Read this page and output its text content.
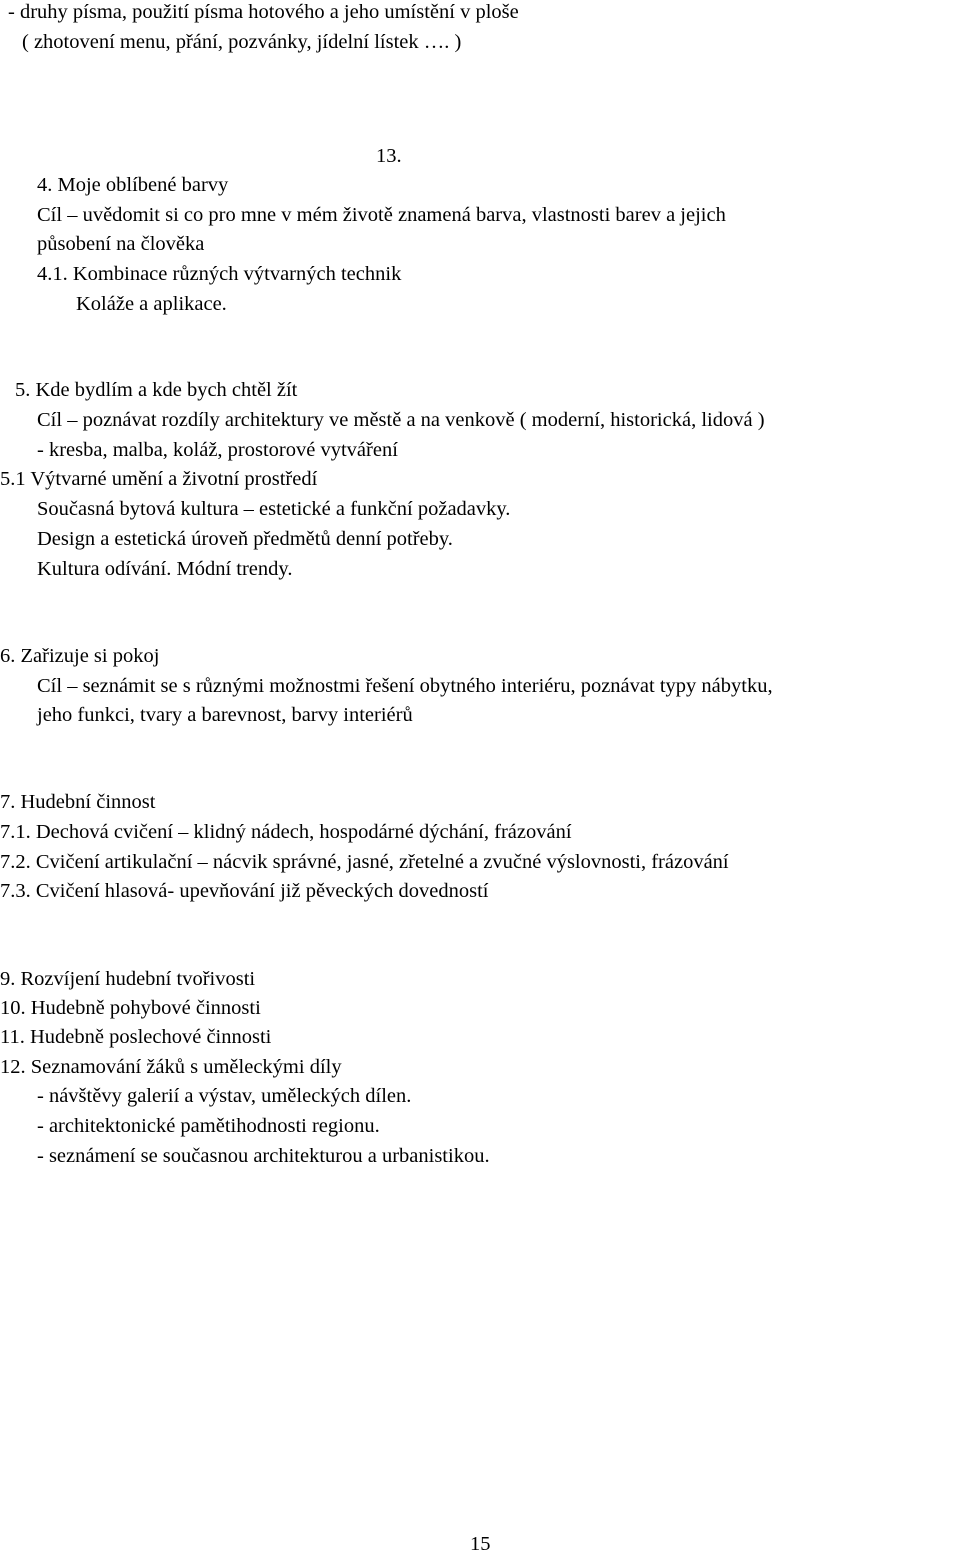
- druhy písma, použití písma hotového a jeho umístění v ploše
( zhotovení menu, přání, pozvánky, jídelní lístek …. )
13.
4. Moje oblíbené barvy
Cíl – uvědomit si co pro mne v mém životě znamená barva, vlastnosti barev a jejich
působení na člověka
4.1. Kombinace různých výtvarných technik
Koláže a aplikace.
5. Kde bydlím a kde bych chtěl žít
Cíl – poznávat rozdíly architektury ve městě a na venkově ( moderní, historická, lidová )
- kresba, malba, koláž, prostorové vytváření
5.1 Výtvarné umění a životní prostředí
Současná bytová kultura – estetické a funkční požadavky.
Design a estetická úroveň předmětů denní potřeby.
Kultura odívání. Módní trendy.
6. Zařizuje si pokoj
Cíl – seznámit se s různými možnostmi řešení obytného interiéru, poznávat typy nábytku,
jeho funkci, tvary a barevnost, barvy interiérů
7. Hudební činnost
7.1. Dechová cvičení – klidný nádech, hospodárné dýchání, frázování
7.2. Cvičení artikulační – nácvik správné, jasné, zřetelné a zvučné výslovnosti, frázování
7.3. Cvičení hlasová- upevňování již pěveckých dovedností
9. Rozvíjení hudební tvořivosti
10. Hudebně pohybové činnosti
11. Hudebně poslechové činnosti
12. Seznamování žáků s uměleckými díly
- návštěvy galerií a výstav, uměleckých dílen.
- architektonické pamětihodnosti regionu.
- seznámení se současnou architekturou a urbanistikou.
15
